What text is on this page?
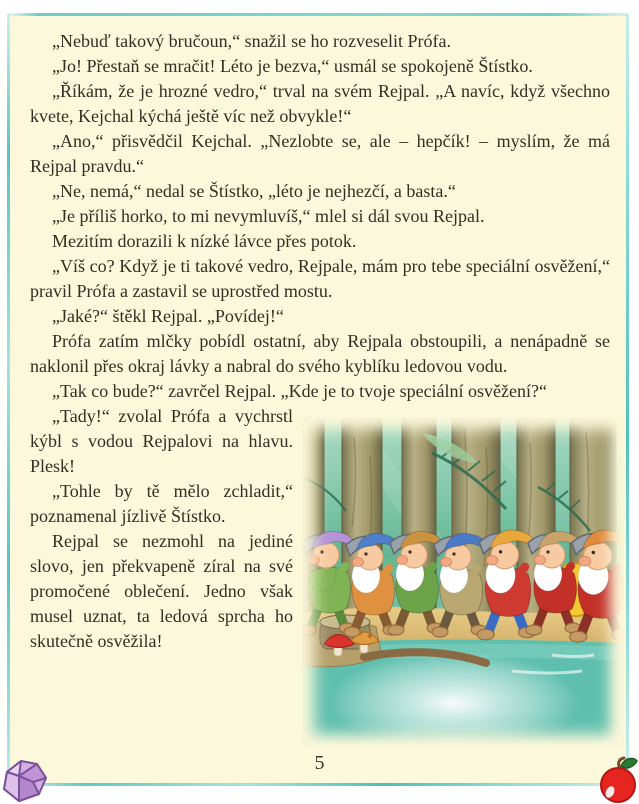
„Nebuď takový bručoun,“ snažil se ho rozveselit Prófa.

„Jo! Přestaň se mračit! Léto je bezva,“ usmál se spokojeně Štístko.

„Říkám, že je hrozné vedro,“ trval na svém Rejpal. „A navíc, když všechno kvete, Kejchal kýchá ještě víc než obvykle!“

„Ano,“ přisvědčil Kejchal. „Nezlobte se, ale – hepčík! – myslím, že má Rejpal pravdu.“

„Ne, nemá,“ nedal se Štístko, „léto je nejhezčí, a basta.“

„Je příliš horko, to mi nevymluvíš,“ mlel si dál svou Rejpal.

Mezitím dorazili k nízké lávce přes potok.

„Víš co? Když je ti takové vedro, Rejpale, mám pro tebe speciální osvěžení,“ pravil Prófa a zastavil se uprostřed mostu.

„Jaké?“ štěkl Rejpal. „Povídej!“

Prófa zatím mlčky pobídl ostatní, aby Rejpala obstoupili, a nenápadně se naklonil přes okraj lávky a nabral do svého kyblíku ledovou vodu.

„Tak co bude?“ zavrčel Rejpal. „Kde je to tvoje speciální osvěžení?“

„Tady!“ zvolal Prófa a vychrstl kýbl s vodou Rejpalovi na hlavu. Plesk!

„Tohle by tě mělo zchladit,“ poznamenal jízlivě Štístko.

Rejpal se nezmohl na jediné slovo, jen překvapeně zíral na své promočené oblečení. Jedno však musel uznat, ta ledová sprcha ho skutečně osvěžila!

5
